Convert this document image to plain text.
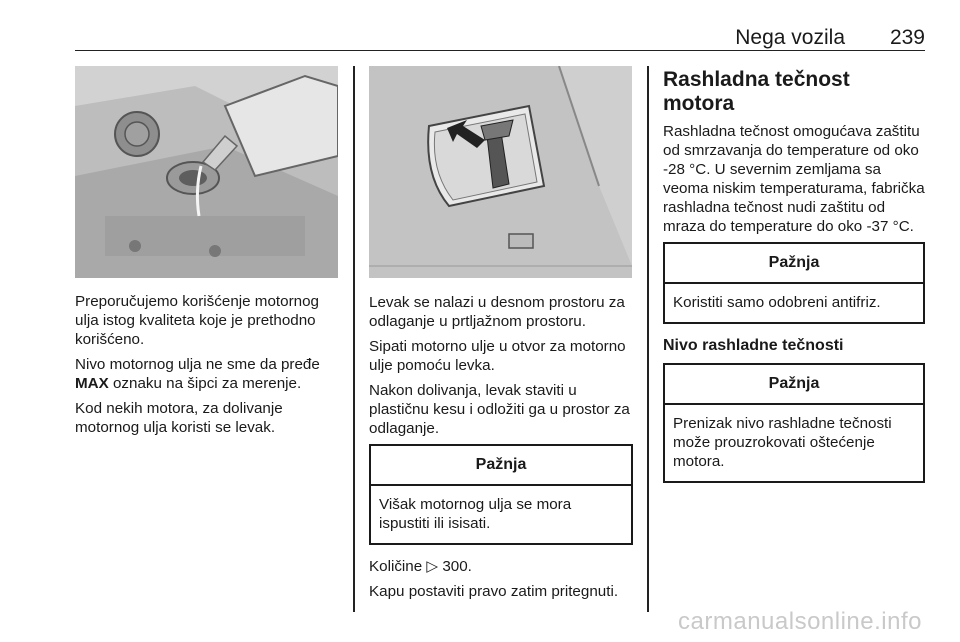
Nega vozila 239

Preporučujemo korišćenje motornog ulja istog kvaliteta koje je prethodno korišćeno.

Nivo motornog ulja ne sme da pređe MAX oznaku na šipci za merenje.

Kod nekih motora, za dolivanje motornog ulja koristi se levak.

Levak se nalazi u desnom prostoru za odlaganje u prtljažnom prostoru.

Sipati motorno ulje u otvor za motorno ulje pomoću levka.

Nakon dolivanja, levak staviti u plastičnu kesu i odložiti ga u prostor za odlaganje.

Pažnja
Višak motornog ulja se mora ispustiti ili isisati.

Količine ▷ 300.

Kapu postaviti pravo zatim pritegnuti.

Rashladna tečnost motora

Rashladna tečnost omogućava zaštitu od smrzavanja do temperature od oko -28 °C. U severnim zemljama sa veoma niskim temperaturama, fabrička rashladna tečnost nudi zaštitu od mraza do temperature do oko -37 °C.

Pažnja
Koristiti samo odobreni antifriz.
Nivo rashladne tečnosti
Pažnja
Prenizak nivo rashladne tečnosti može prouzrokovati oštećenje motora.
carmanualsonline.info
